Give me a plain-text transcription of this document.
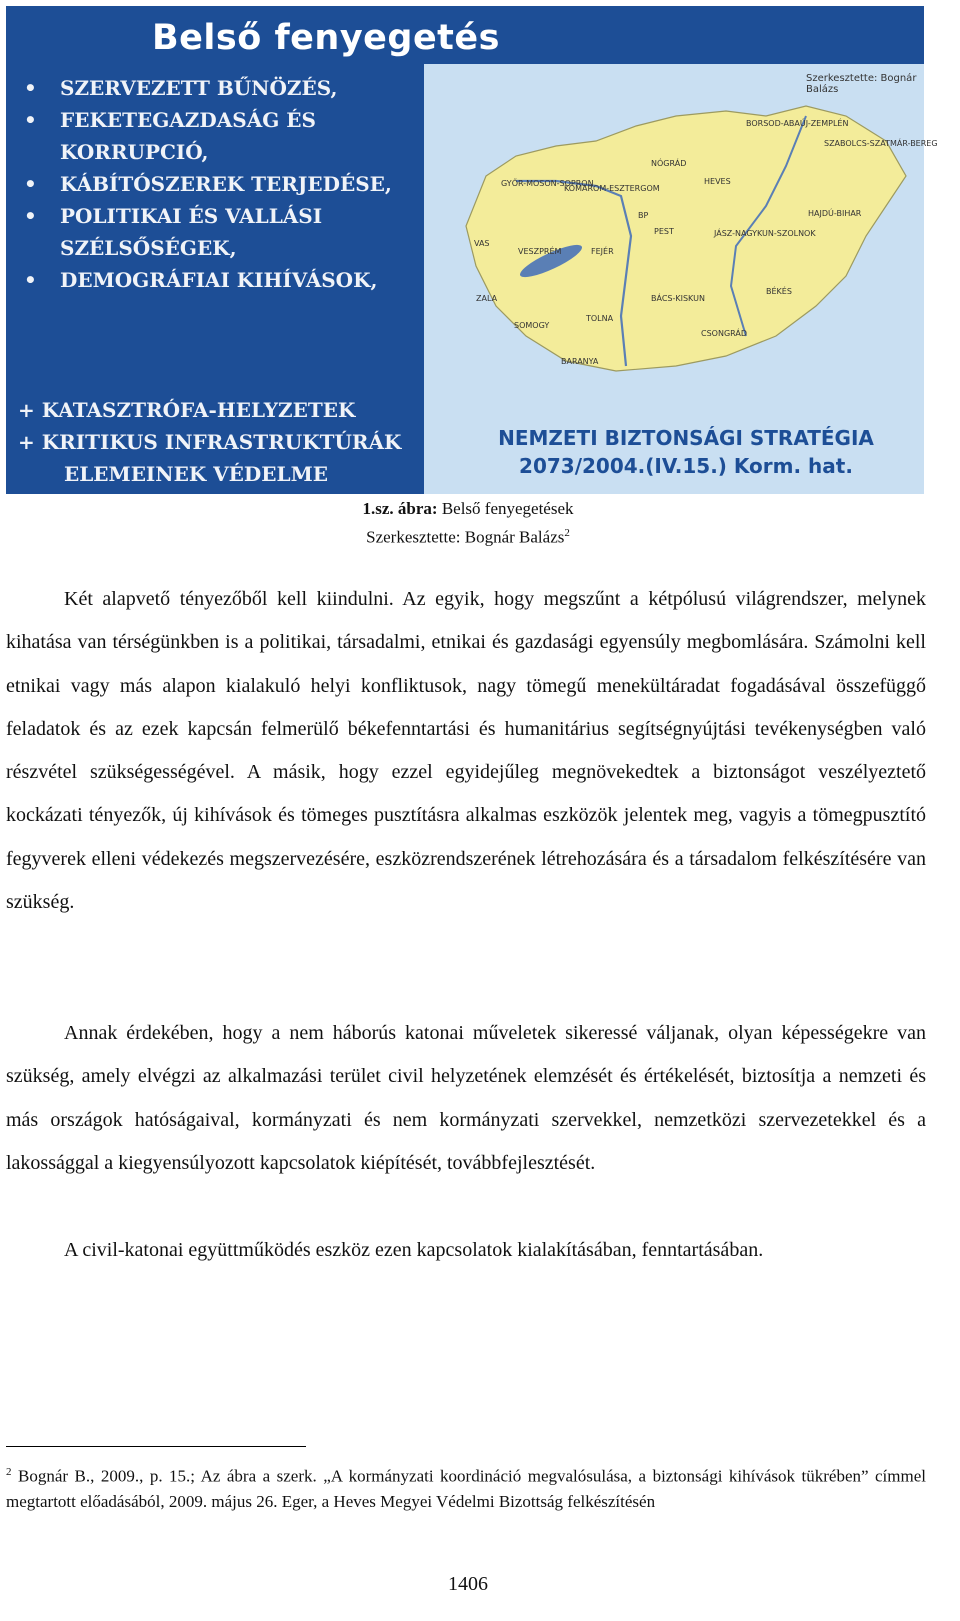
Belső fenyegetés
Szerkesztette: Bognár Balázs
• SZERVEZETT BŰNÖZÉS,
• FEKETEGAZDASÁG ÉS KORRUPCIÓ,
• KÁBÍTÓSZEREK TERJEDÉSE,
• POLITIKAI ÉS VALLÁSI SZÉLSŐSÉGEK,
• DEMOGRÁFIAI KIHÍVÁSOK,
+ KATASZTRÓFA-HELYZETEK
+ KRITIKUS INFRASTRUKTÚRÁK
ELEMEINEK VÉDELME
BORSOD-ABAÚJ-ZEMPLÉN
SZABOLCS-SZATMÁR-BEREG
NÓGRÁD
HEVES
GYŐR-MOSON-SOPRON
KOMÁROM-ESZTERGOM
BP
PEST	JÁSZ-NAGYKUN-SZOLNOK
HAJDÚ-BIHAR
VAS
VESZPRÉM	FEJÉR
ZALA
SOMOGY
TOLNA
BÁCS-KISKUN
BÉKÉS
CSONGRÁD
BARANYA
NEMZETI BIZTONSÁGI STRATÉGIA
2073/2004.(IV.15.) Korm. hat.
1.sz. ábra: Belső fenyegetések
Szerkesztette: Bognár Balázs$^2$

Két alapvető tényezőből kell kiindulni. Az egyik, hogy megszűnt a kétpólusú világrendszer, melynek kihatása van térségünkben is a politikai, társadalmi, etnikai és gazdasági egyensúly megbomlására. Számolni kell etnikai vagy más alapon kialakuló helyi konfliktusok, nagy tömegű menekültáradat fogadásával összefüggő feladatok és az ezek kapcsán felmerülő békefenntartási és humanitárius segítségnyújtási tevékenységben való részvétel szükségességével. A másik, hogy ezzel egyidejűleg megnövekedtek a biztonságot veszélyeztető kockázati tényezők, új kihívások és tömeges pusztításra alkalmas eszközök jelentek meg, vagyis a tömegpusztító fegyverek elleni védekezés megszervezésére, eszközrendszerének létrehozására és a társadalom felkészítésére van szükség.

Annak érdekében, hogy a nem háborús katonai műveletek sikeressé váljanak, olyan képességekre van szükség, amely elvégzi az alkalmazási terület civil helyzetének elemzését és értékelését, biztosítja a nemzeti és más országok hatóságaival, kormányzati és nem kormányzati szervekkel, nemzetközi szervezetekkel és a lakossággal a kiegyensúlyozott kapcsolatok kiépítését, továbbfejlesztését.

A civil-katonai együttműködés eszköz ezen kapcsolatok kialakításában, fenntartásában.

$^2$ Bognár B., 2009., p. 15.; Az ábra a szerk. „A kormányzati koordináció megvalósulása, a biztonsági kihívások tükrében” címmel megtartott előadásából, 2009. május 26. Eger, a Heves Megyei Védelmi Bizottság felkészítésén

1406
